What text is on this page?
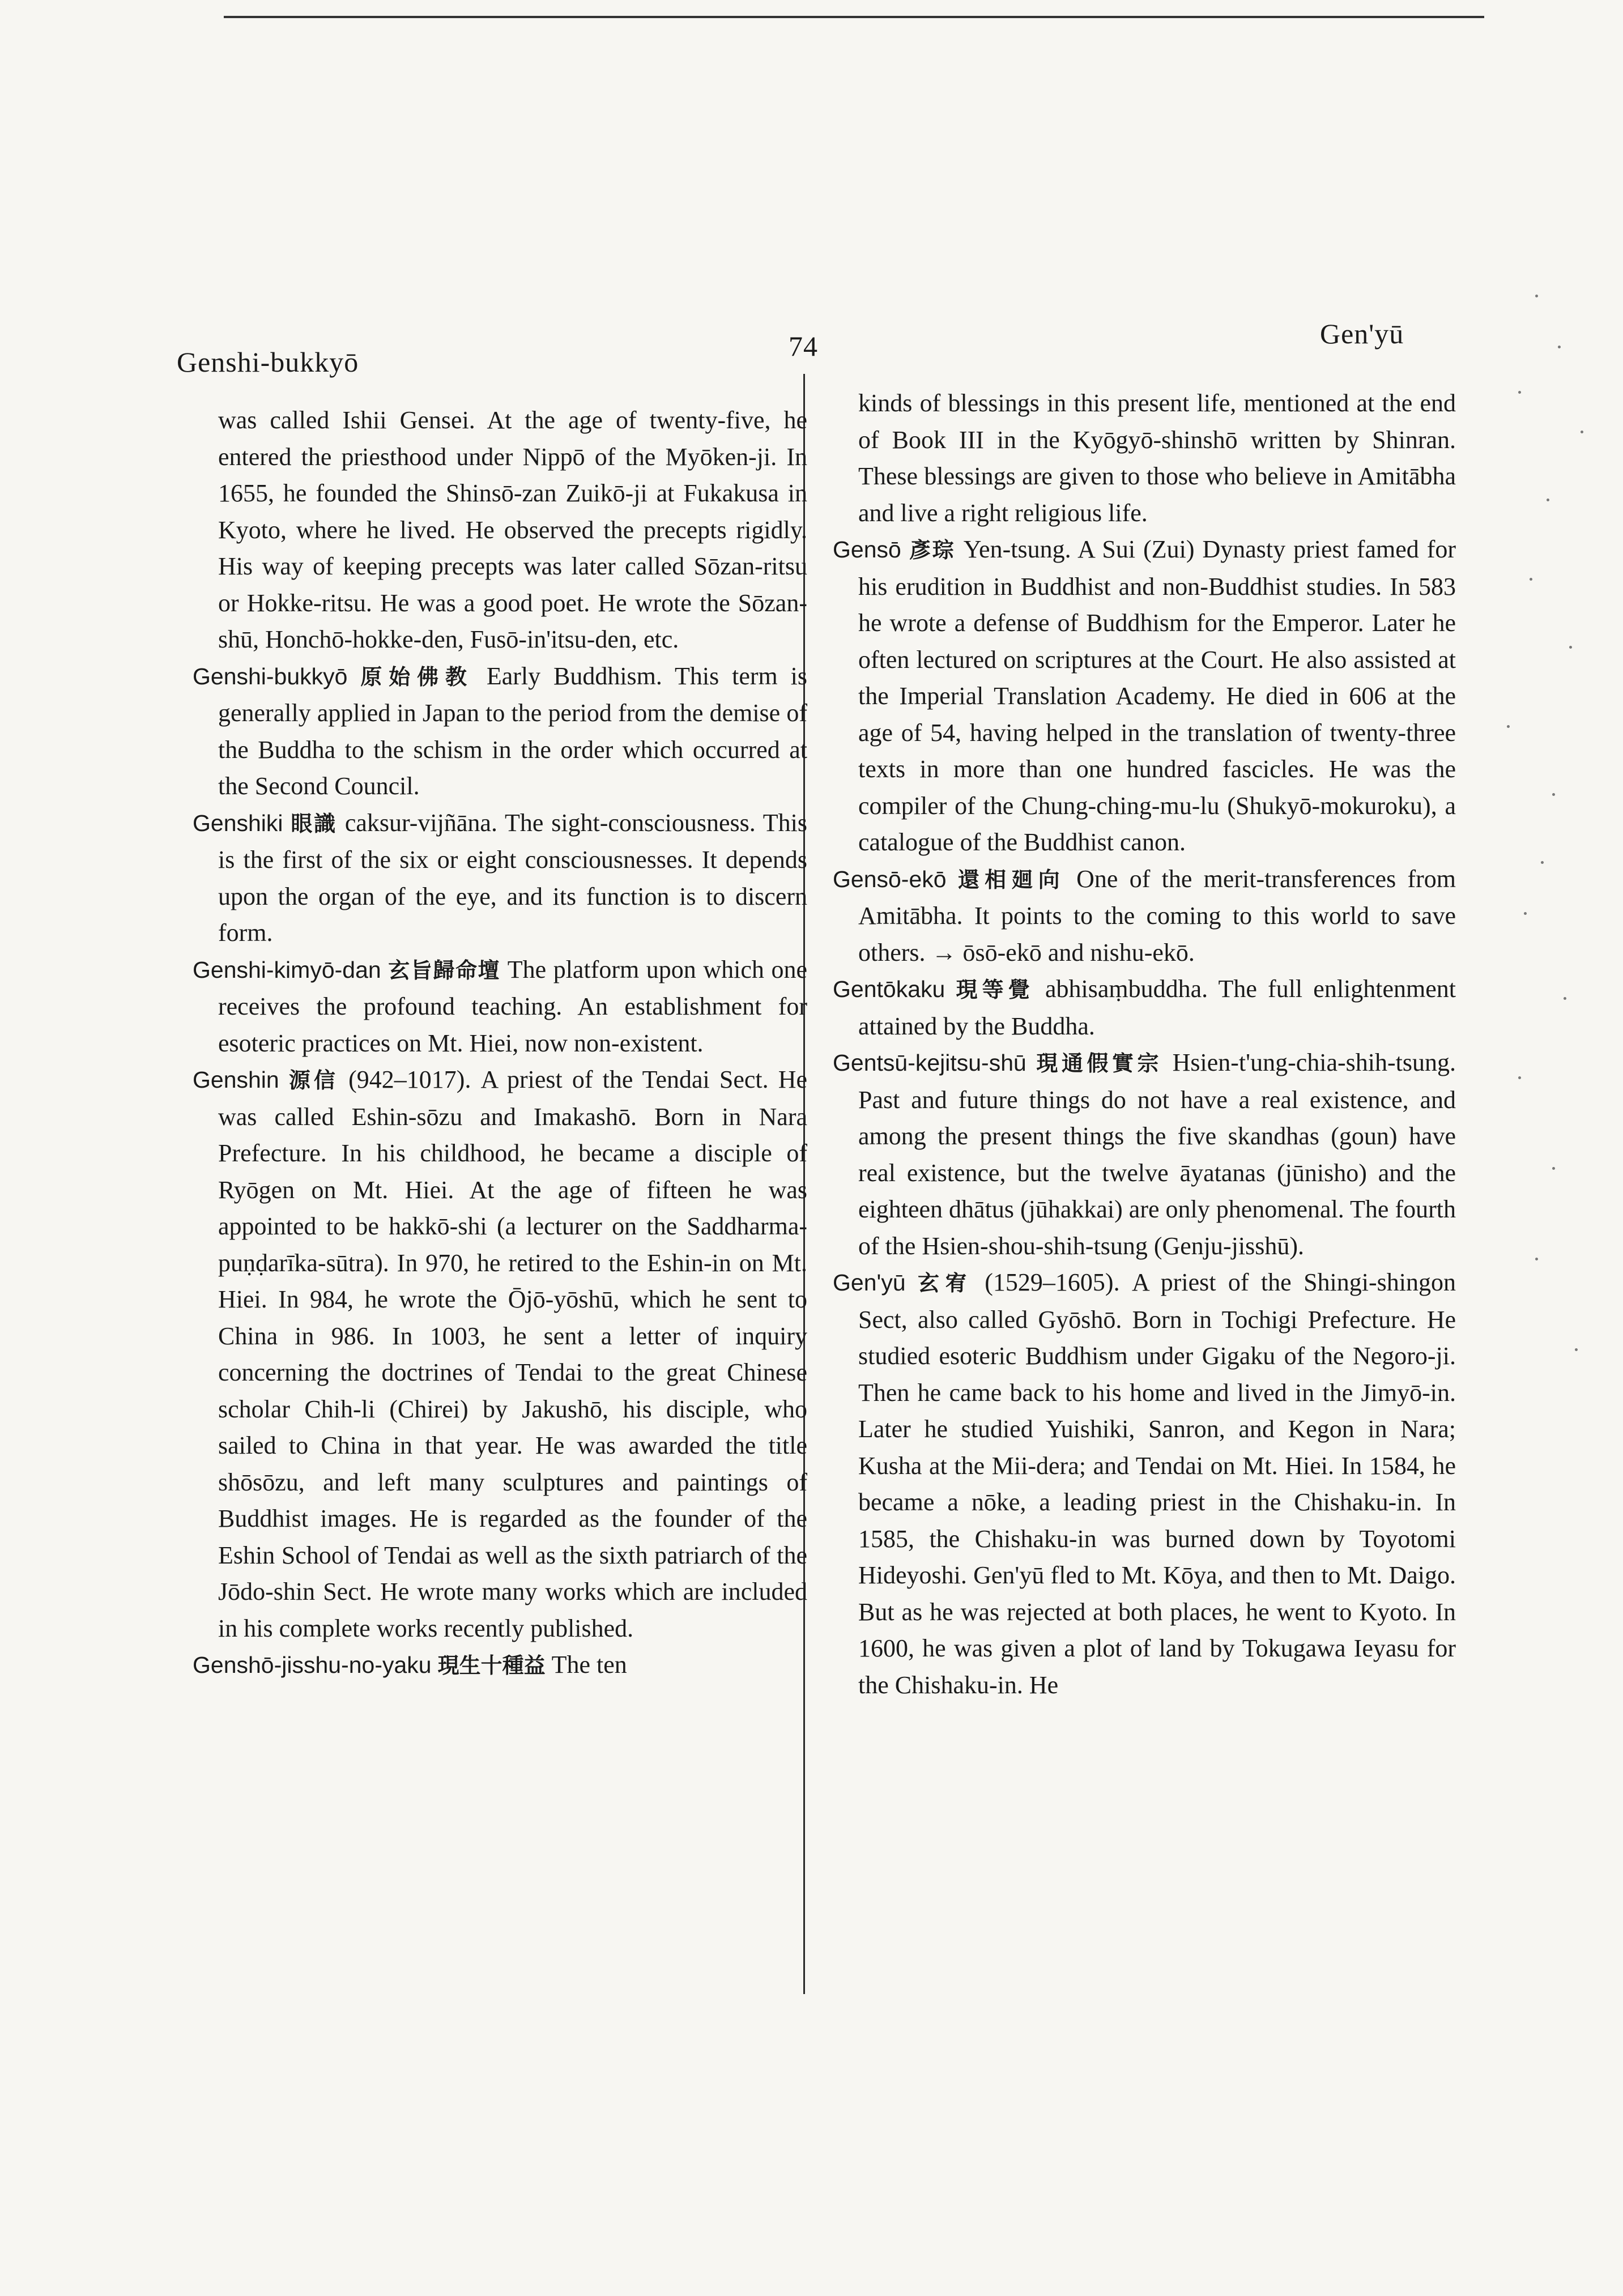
Genshi-bukkyō	74	Gen'yū

was called Ishii Gensei. At the age of twenty-five, he entered the priesthood under Nippō of the Myōken-ji. In 1655, he founded the Shinsō-zan Zuikō-ji at Fukakusa in Kyoto, where he lived. He observed the precepts rigidly. His way of keeping precepts was later called Sōzan-ritsu or Hokke-ritsu. He was a good poet. He wrote the Sōzan-shū, Honchō-hokke-den, Fusō-in'itsu-den, etc.

Genshi-bukkyō 原始佛教 Early Buddhism. This term is generally applied in Japan to the period from the demise of the Buddha to the schism in the order which occurred at the Second Council.

Genshiki 眼識 caksur-vijñāna. The sight-consciousness. This is the first of the six or eight consciousnesses. It depends upon the organ of the eye, and its function is to discern form.

Genshi-kimyō-dan 玄旨歸命壇 The platform upon which one receives the profound teaching. An establishment for esoteric practices on Mt. Hiei, now non-existent.

Genshin 源信 (942–1017). A priest of the Tendai Sect. He was called Eshin-sōzu and Imakashō. Born in Nara Prefecture. In his childhood, he became a disciple of Ryōgen on Mt. Hiei. At the age of fifteen he was appointed to be hakkō-shi (a lecturer on the Saddharma-puṇḍarīka-sūtra). In 970, he retired to the Eshin-in on Mt. Hiei. In 984, he wrote the Ōjō-yōshū, which he sent to China in 986. In 1003, he sent a letter of inquiry concerning the doctrines of Tendai to the great Chinese scholar Chih-li (Chirei) by Jakushō, his disciple, who sailed to China in that year. He was awarded the title shōsōzu, and left many sculptures and paintings of Buddhist images. He is regarded as the founder of the Eshin School of Tendai as well as the sixth patriarch of the Jōdo-shin Sect. He wrote many works which are included in his complete works recently published.

Genshō-jisshu-no-yaku 現生十種益 The ten

kinds of blessings in this present life, mentioned at the end of Book III in the Kyōgyō-shinshō written by Shinran. These blessings are given to those who believe in Amitābha and live a right religious life.

Gensō 彥琮 Yen-tsung. A Sui (Zui) Dynasty priest famed for his erudition in Buddhist and non-Buddhist studies. In 583 he wrote a defense of Buddhism for the Emperor. Later he often lectured on scriptures at the Court. He also assisted at the Imperial Translation Academy. He died in 606 at the age of 54, having helped in the translation of twenty-three texts in more than one hundred fascicles. He was the compiler of the Chung-ching-mu-lu (Shukyō-mokuroku), a catalogue of the Buddhist canon.

Gensō-ekō 還相廻向 One of the merit-transferences from Amitābha. It points to the coming to this world to save others. → ōsō-ekō and nishu-ekō.

Gentōkaku 現等覺 abhisaṃbuddha. The full enlightenment attained by the Buddha.

Gentsū-kejitsu-shū 現通假實宗 Hsien-t'ung-chia-shih-tsung. Past and future things do not have a real existence, and among the present things the five skandhas (goun) have real existence, but the twelve āyatanas (jūnisho) and the eighteen dhātus (jūhakkai) are only phenomenal. The fourth of the Hsien-shou-shih-tsung (Genju-jisshū).

Gen'yū 玄宥 (1529–1605). A priest of the Shingi-shingon Sect, also called Gyōshō. Born in Tochigi Prefecture. He studied esoteric Buddhism under Gigaku of the Negoro-ji. Then he came back to his home and lived in the Jimyō-in. Later he studied Yuishiki, Sanron, and Kegon in Nara; Kusha at the Mii-dera; and Tendai on Mt. Hiei. In 1584, he became a nōke, a leading priest in the Chishaku-in. In 1585, the Chishaku-in was burned down by Toyotomi Hideyoshi. Gen'yū fled to Mt. Kōya, and then to Mt. Daigo. But as he was rejected at both places, he went to Kyoto. In 1600, he was given a plot of land by Tokugawa Ieyasu for the Chishaku-in. He
